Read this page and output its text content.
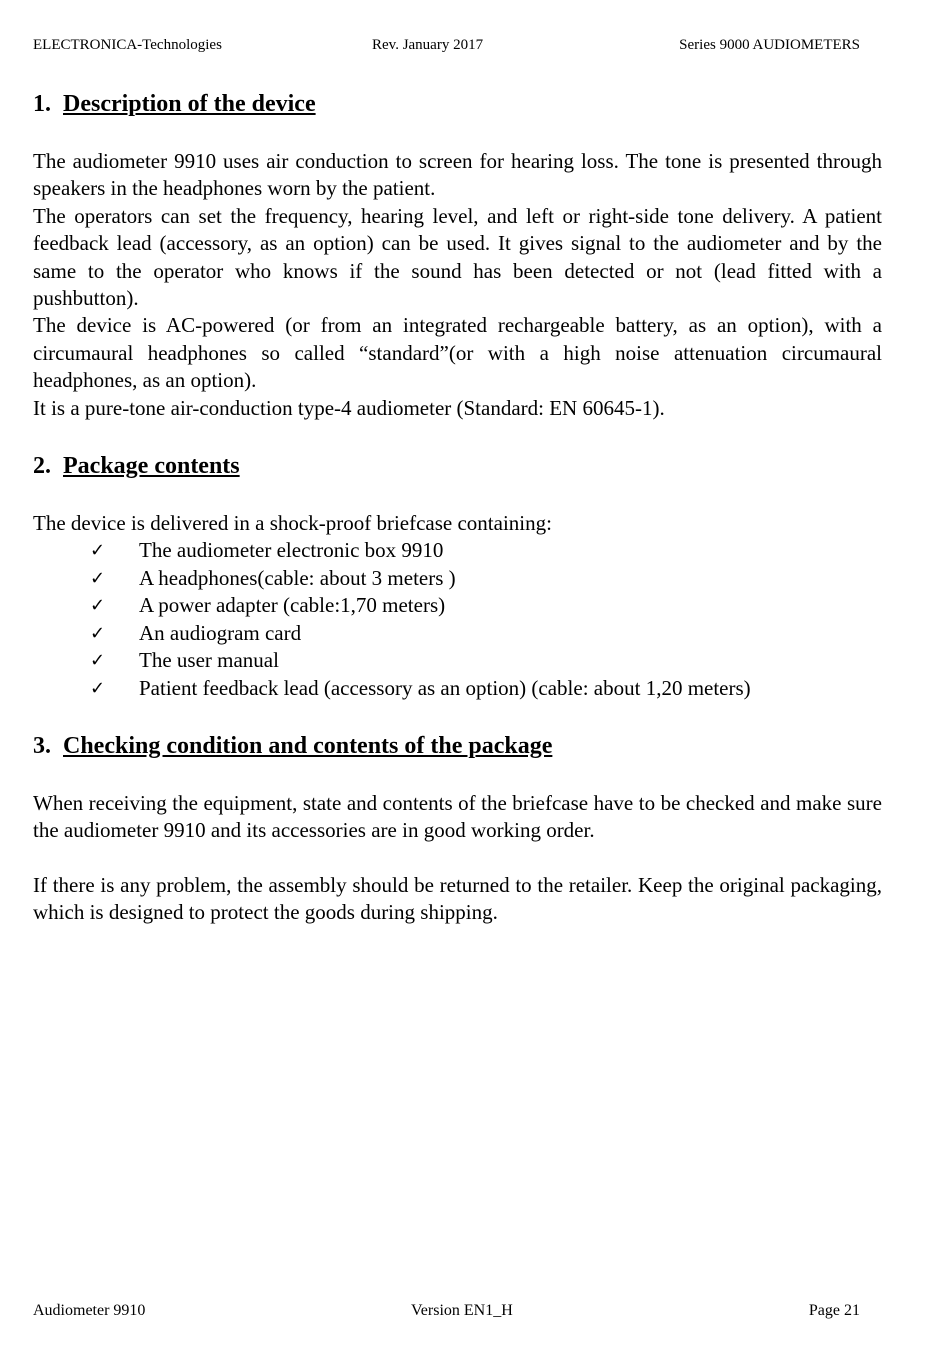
ELECTRONICA-Technologies	Rev. January 2017	Series 9000 AUDIOMETERS
1. Description of the device

The audiometer 9910 uses air conduction to screen for hearing loss. The tone is presented through speakers in the headphones worn by the patient.

The operators can set the frequency, hearing level, and left or right-side tone delivery. A patient feedback lead (accessory, as an option) can be used. It gives signal to the audiometer and by the same to the operator who knows if the sound has been detected or not (lead fitted with a pushbutton).

The device is AC-powered (or from an integrated rechargeable battery, as an option), with a circumaural headphones so called “standard”(or with a high noise attenuation circumaural headphones, as an option).

It is a pure-tone air-conduction type-4 audiometer (Standard: EN 60645-1).

2. Package contents

The device is delivered in a shock-proof briefcase containing:

✓	The audiometer electronic box 9910
✓	A headphones(cable: about 3 meters )
✓	A power adapter (cable:1,70 meters)
✓	An audiogram card
✓	The user manual
✓	Patient feedback lead (accessory as an option) (cable: about 1,20 meters)
3. Checking condition and contents of the package

When receiving the equipment, state and contents of the briefcase have to be checked and make sure the audiometer 9910 and its accessories are in good working order.

If there is any problem, the assembly should be returned to the retailer. Keep the original packaging, which is designed to protect the goods during shipping.

Audiometer 9910	Version EN1_H	Page 21
